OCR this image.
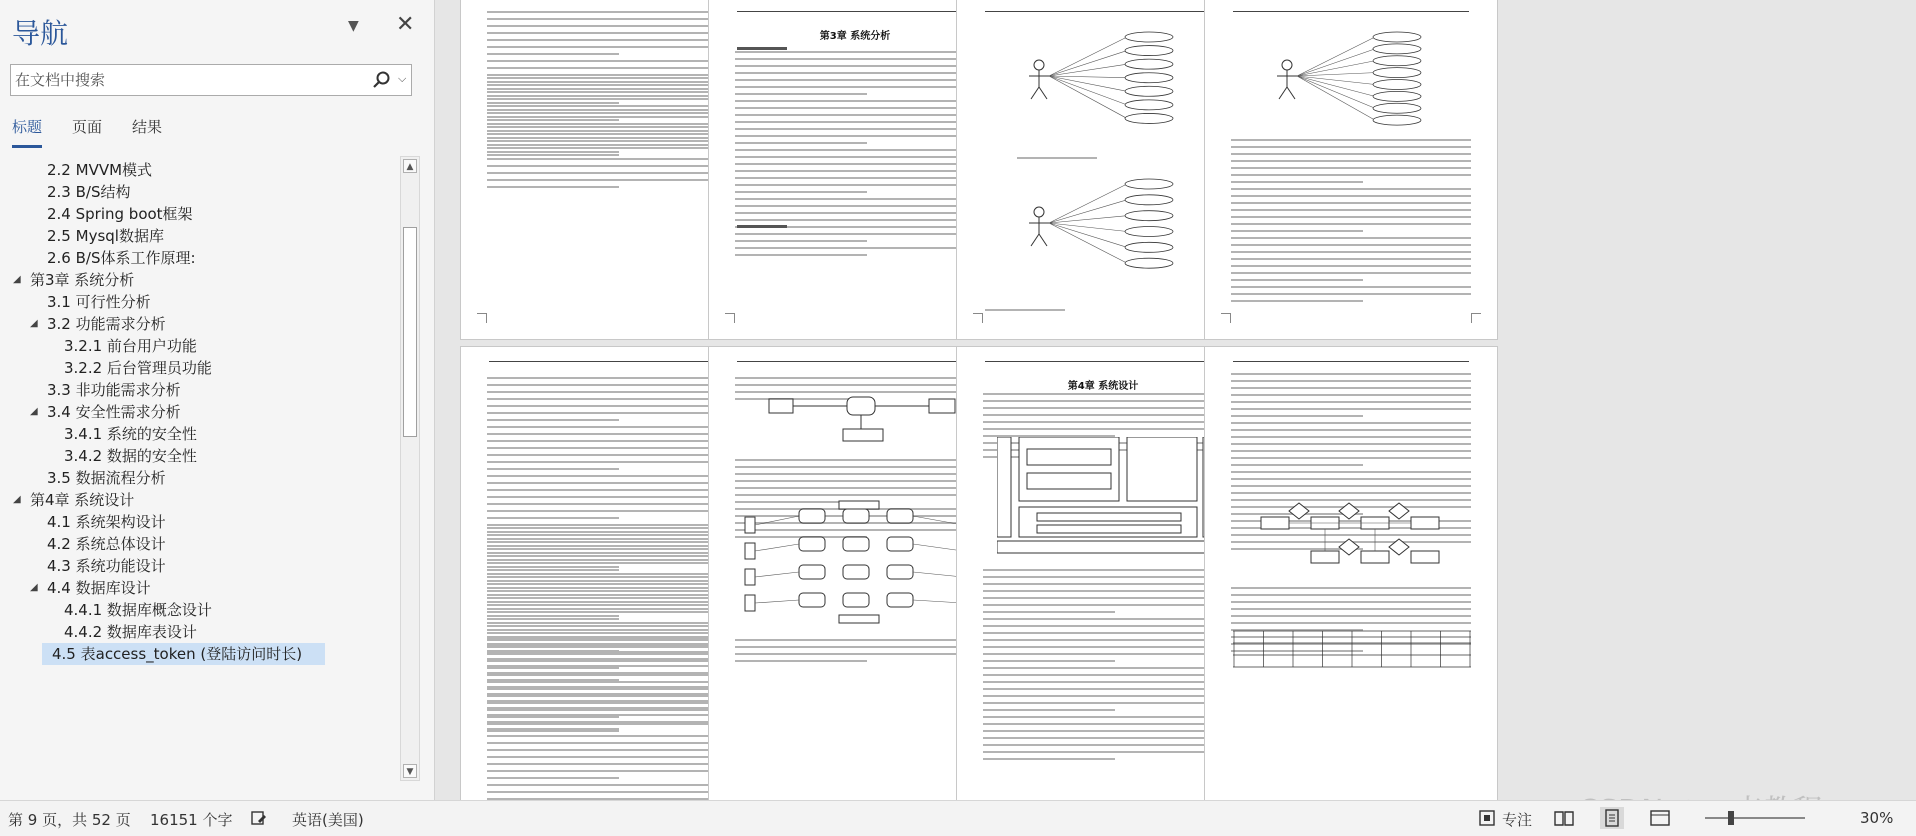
导航	▼ ✕
在文档中搜索
⌵
标题 页面 结果
2.2 MVVM模式
2.3 B/S结构
2.4 Spring boot框架
2.5 Mysql数据库
2.6 B/S体系工作原理:
◢ 第3章 系统分析
3.1 可行性分析
◢ 3.2 功能需求分析
3.2.1 前台用户功能
3.2.2 后台管理员功能
3.3 非功能需求分析
◢ 3.4 安全性需求分析
3.4.1 系统的安全性
3.4.2 数据的安全性
3.5 数据流程分析
◢ 第4章 系统设计
4.1 系统架构设计
4.2 系统总体设计
4.3 系统功能设计
◢ 4.4 数据库设计
4.4.1 数据库概念设计
4.4.2 数据库表设计
4.5 表access_token (登陆访问时长)
▲
▼
第3章 系统分析
第4章 系统设计
第 9 页，共 52 页 16151 个字	英语(美国)	专注	30%
